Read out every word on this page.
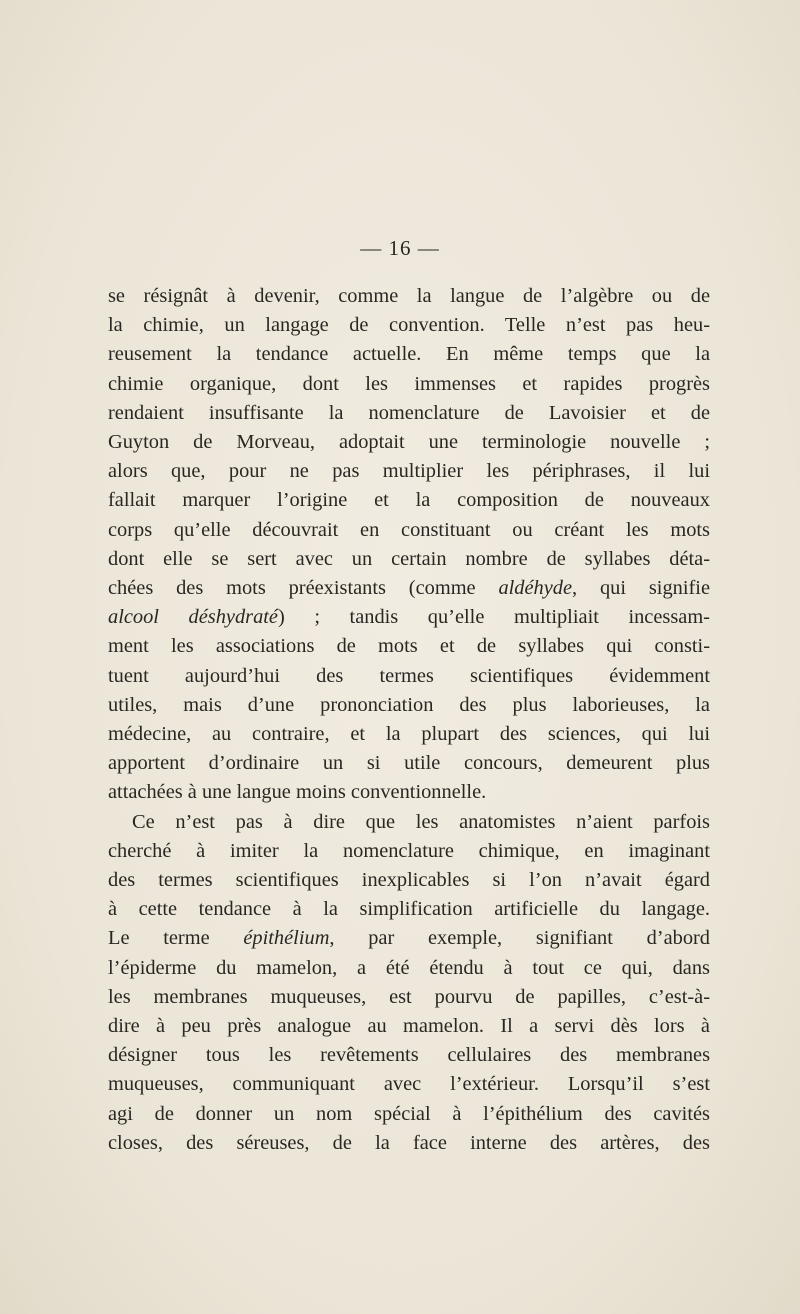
— 16 —
se résignât à devenir, comme la langue de l’algèbre ou de
la chimie, un langage de convention. Telle n’est pas heu-
reusement la tendance actuelle. En même temps que la
chimie organique, dont les immenses et rapides progrès
rendaient insuffisante la nomenclature de Lavoisier et de
Guyton de Morveau, adoptait une terminologie nouvelle ;
alors que, pour ne pas multiplier les périphrases, il lui
fallait marquer l’origine et la composition de nouveaux
corps qu’elle découvrait en constituant ou créant les mots
dont elle se sert avec un certain nombre de syllabes déta-
chées des mots préexistants (comme aldéhyde, qui signifie
alcool déshydraté) ; tandis qu’elle multipliait incessam-
ment les associations de mots et de syllabes qui consti-
tuent aujourd’hui des termes scientifiques évidemment
utiles, mais d’une prononciation des plus laborieuses, la
médecine, au contraire, et la plupart des sciences, qui lui
apportent d’ordinaire un si utile concours, demeurent plus
attachées à une langue moins conventionnelle.
Ce n’est pas à dire que les anatomistes n’aient parfois
cherché à imiter la nomenclature chimique, en imaginant
des termes scientifiques inexplicables si l’on n’avait égard
à cette tendance à la simplification artificielle du langage.
Le terme épithélium, par exemple, signifiant d’abord
l’épiderme du mamelon, a été étendu à tout ce qui, dans
les membranes muqueuses, est pourvu de papilles, c’est-à-
dire à peu près analogue au mamelon. Il a servi dès lors à
désigner tous les revêtements cellulaires des membranes
muqueuses, communiquant avec l’extérieur. Lorsqu’il s’est
agi de donner un nom spécial à l’épithélium des cavités
closes, des séreuses, de la face interne des artères, des
